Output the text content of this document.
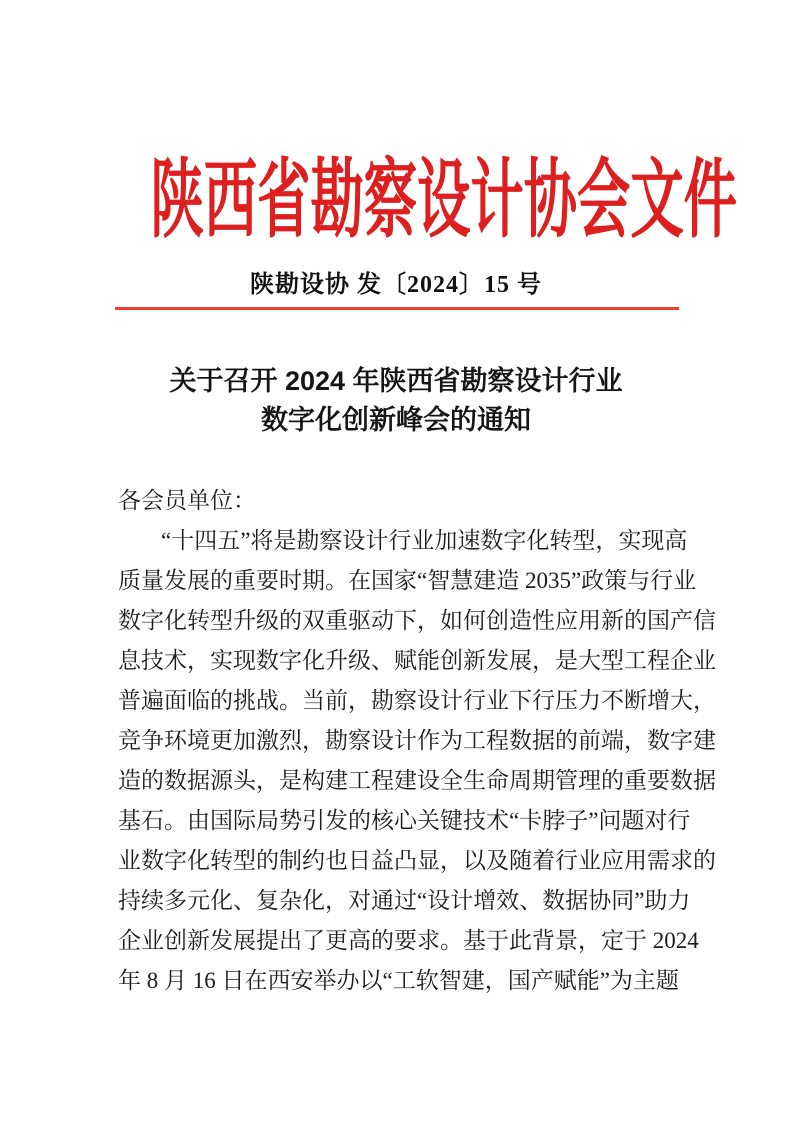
陕西省勘察设计协会文件
陕勘设协 发〔2024〕15 号
关于召开 2024 年陕西省勘察设计行业
数字化创新峰会的通知
各会员单位：
“十四五”将是勘察设计行业加速数字化转型，实现高
质量发展的重要时期。在国家“智慧建造 2035”政策与行业
数字化转型升级的双重驱动下，如何创造性应用新的国产信
息技术，实现数字化升级、赋能创新发展，是大型工程企业
普遍面临的挑战。当前，勘察设计行业下行压力不断增大，
竞争环境更加激烈，勘察设计作为工程数据的前端，数字建
造的数据源头，是构建工程建设全生命周期管理的重要数据
基石。由国际局势引发的核心关键技术“卡脖子”问题对行
业数字化转型的制约也日益凸显，以及随着行业应用需求的
持续多元化、复杂化，对通过“设计增效、数据协同”助力
企业创新发展提出了更高的要求。基于此背景，定于 2024
年 8 月 16 日在西安举办以“工软智建，国产赋能”为主题
